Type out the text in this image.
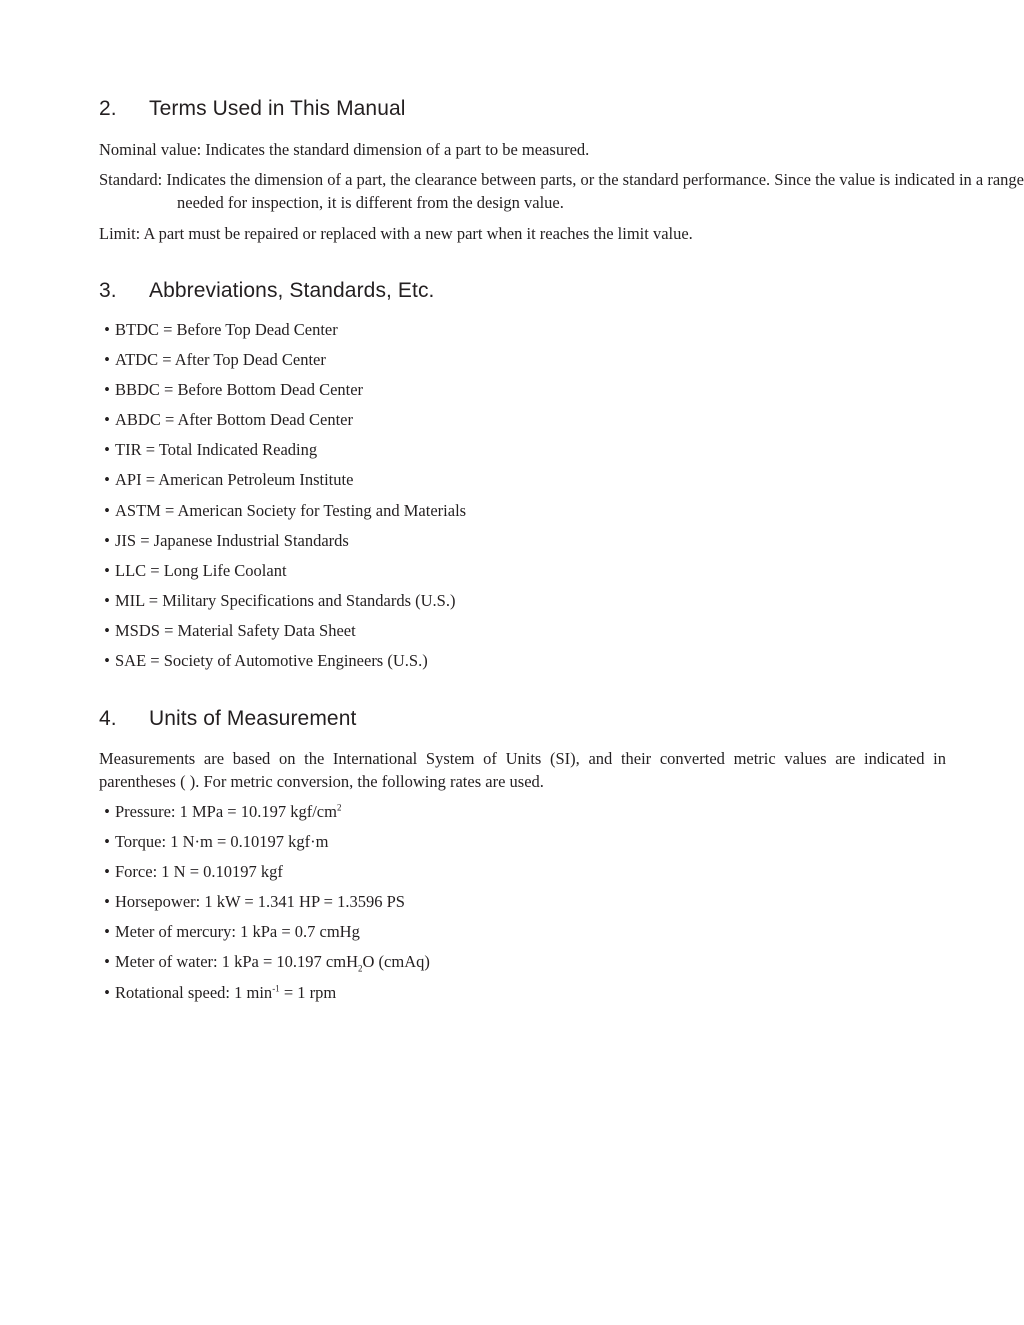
2. Terms Used in This Manual

Nominal value: Indicates the standard dimension of a part to be measured.

Standard: Indicates the dimension of a part, the clearance between parts, or the standard performance. Since the value is indicated in a range needed for inspection, it is different from the design value.

Limit: A part must be repaired or replaced with a new part when it reaches the limit value.

3. Abbreviations, Standards, Etc.
• BTDC = Before Top Dead Center
• ATDC = After Top Dead Center
• BBDC = Before Bottom Dead Center
• ABDC = After Bottom Dead Center
• TIR = Total Indicated Reading
• API = American Petroleum Institute
• ASTM = American Society for Testing and Materials
• JIS = Japanese Industrial Standards
• LLC = Long Life Coolant
• MIL = Military Specifications and Standards (U.S.)
• MSDS = Material Safety Data Sheet
• SAE = Society of Automotive Engineers (U.S.)
4. Units of Measurement

Measurements are based on the International System of Units (SI), and their converted metric values are indicated in parentheses ( ). For metric conversion, the following rates are used.

• Pressure: 1 MPa = 10.197 kgf/$cm^2$
• Torque: 1 N·m = 0.10197 kgf·m
• Force: 1 N = 0.10197 kgf
• Horsepower: 1 kW = 1.341 HP = 1.3596 PS
• Meter of mercury: 1 kPa = 0.7 cmHg
• Meter of water: 1 kPa = 10.197 cmH$_2$O (cmAq)
• Rotational speed: 1 $\min^{-1} = 1$ rpm
